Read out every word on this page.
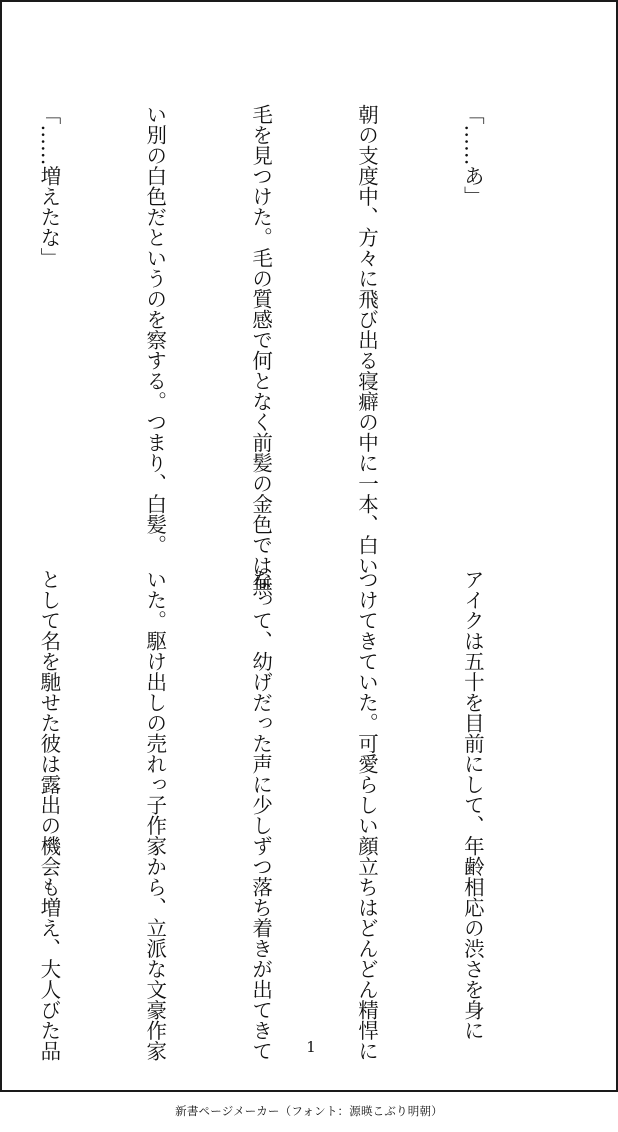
「……あ」

朝の支度中、方々に飛び出る寝癖の中に一本、白い

毛を見つけた。毛の質感で何となく前髪の金色では無

い別の白色だというのを察する。つまり、白髪。

「……増えたな」

アイクは五十を目前にして、年齢相応の渋さを身に

つけてきていた。可愛らしい顔立ちはどんどん精悍に

なって、幼げだった声に少しずつ落ち着きが出てきて

いた。駆け出しの売れっ子作家から、立派な文豪作家

として名を馳せた彼は露出の機会も増え、大人びた品

	1
新書ページメーカー（フォント：源暎こぶり明朝）
